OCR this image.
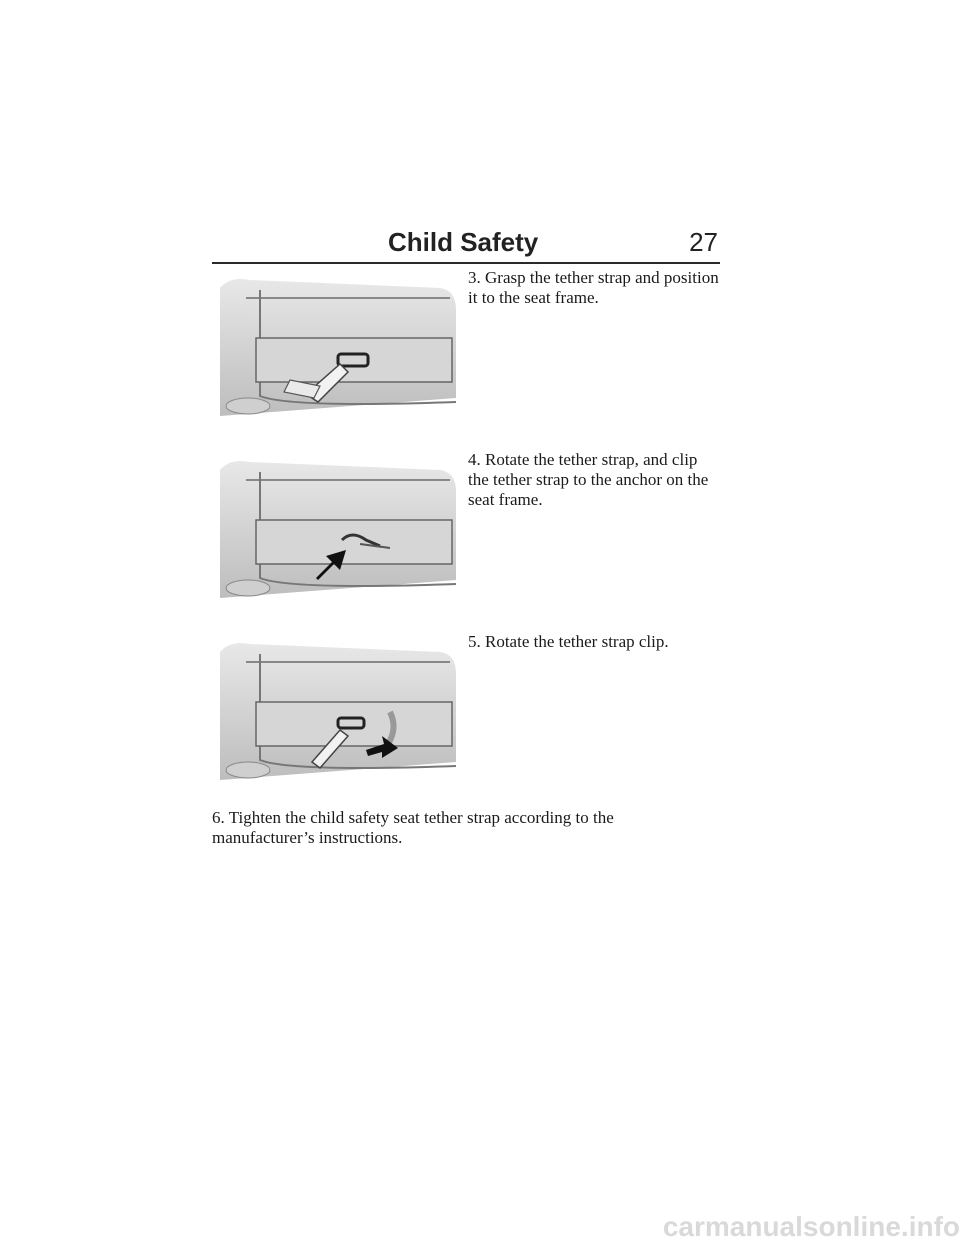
Child Safety	27
3. Grasp the tether strap and position it to the seat frame.
4. Rotate the tether strap, and clip the tether strap to the anchor on the seat frame.
5. Rotate the tether strap clip.
6. Tighten the child safety seat tether strap according to the manufacturer’s instructions.
carmanualsonline.info
